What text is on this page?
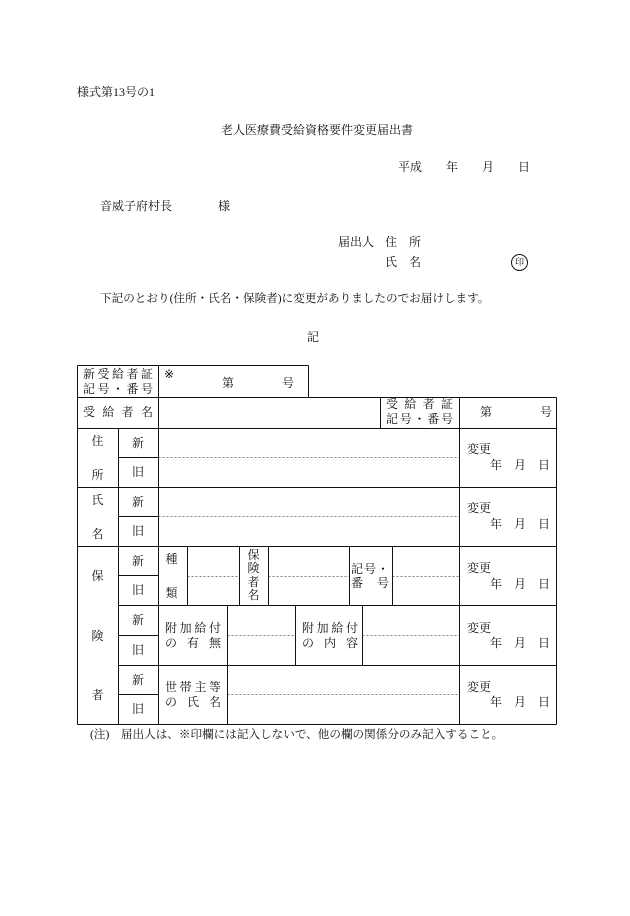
様式第13号の1
老人医療費受給資格要件変更届出書
平成　　年　　月　　日
音威子府村長	様
届出人 住　所
氏　名	印
下記のとおり(住所・氏名・保険者)に変更がありましたのでお届けします。
記
新 受 給 者 証
記 号 ・ 番 号
※
第　　　　号
受 給 者 名
受 給 者 証
記 号 ・ 番 号 第　　　　号
住
所
氏
名
保
険
者
新
旧
変更
年　月　日
新
旧
変更
年　月　日
新
旧
変更
年　月　日
新
旧
変更
年　月　日
新
旧
変更
年　月　日
種
類
保
険
者
名
記 号 ・
番 号
附 加 給 付
の 有 無
附 加 給 付
の 内 容
世 帯 主 等
の 氏 名
(注)　届出人は、※印欄には記入しないで、他の欄の関係分のみ記入すること。
